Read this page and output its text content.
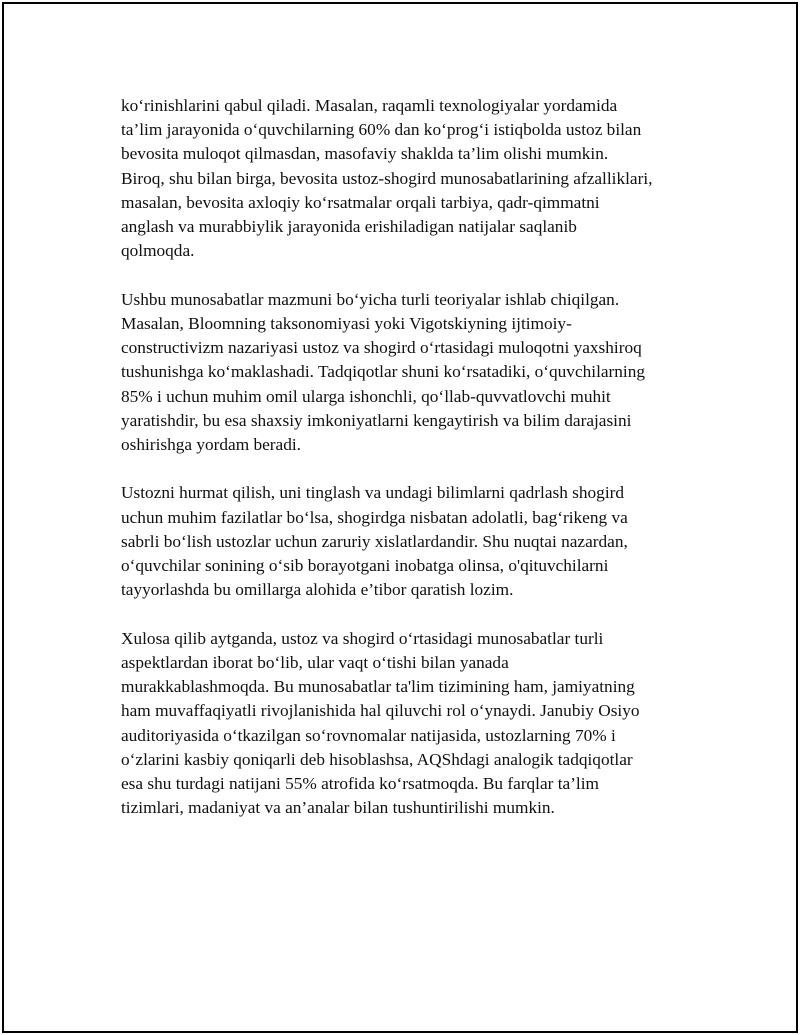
ko‘rinishlarini qabul qiladi. Masalan, raqamli texnologiyalar yordamida
ta’lim jarayonida o‘quvchilarning 60% dan ko‘prog‘i istiqbolda ustoz bilan
bevosita muloqot qilmasdan, masofaviy shaklda ta’lim olishi mumkin.
Biroq, shu bilan birga, bevosita ustoz-shogird munosabatlarining afzalliklari,
masalan, bevosita axloqiy ko‘rsatmalar orqali tarbiya, qadr-qimmatni
anglash va murabbiylik jarayonida erishiladigan natijalar saqlanib
qolmoqda.

Ushbu munosabatlar mazmuni bo‘yicha turli teoriyalar ishlab chiqilgan.
Masalan, Bloomning taksonomiyasi yoki Vigotskiyning ijtimoiy-
constructivizm nazariyasi ustoz va shogird o‘rtasidagi muloqotni yaxshiroq
tushunishga ko‘maklashadi. Tadqiqotlar shuni ko‘rsatadiki, o‘quvchilarning
85% i uchun muhim omil ularga ishonchli, qo‘llab-quvvatlovchi muhit
yaratishdir, bu esa shaxsiy imkoniyatlarni kengaytirish va bilim darajasini
oshirishga yordam beradi.

Ustozni hurmat qilish, uni tinglash va undagi bilimlarni qadrlash shogird
uchun muhim fazilatlar bo‘lsa, shogirdga nisbatan adolatli, bag‘rikeng va
sabrli bo‘lish ustozlar uchun zaruriy xislatlardandir. Shu nuqtai nazardan,
o‘quvchilar sonining o‘sib borayotgani inobatga olinsa, o'qituvchilarni
tayyorlashda bu omillarga alohida e’tibor qaratish lozim.

Xulosa qilib aytganda, ustoz va shogird o‘rtasidagi munosabatlar turli
aspektlardan iborat bo‘lib, ular vaqt o‘tishi bilan yanada
murakkablashmoqda. Bu munosabatlar ta'lim tizimining ham, jamiyatning
ham muvaffaqiyatli rivojlanishida hal qiluvchi rol o‘ynaydi. Janubiy Osiyo
auditoriyasida o‘tkazilgan so‘rovnomalar natijasida, ustozlarning 70% i
o‘zlarini kasbiy qoniqarli deb hisoblashsa, AQShdagi analogik tadqiqotlar
esa shu turdagi natijani 55% atrofida ko‘rsatmoqda. Bu farqlar ta’lim
tizimlari, madaniyat va an’analar bilan tushuntirilishi mumkin.
